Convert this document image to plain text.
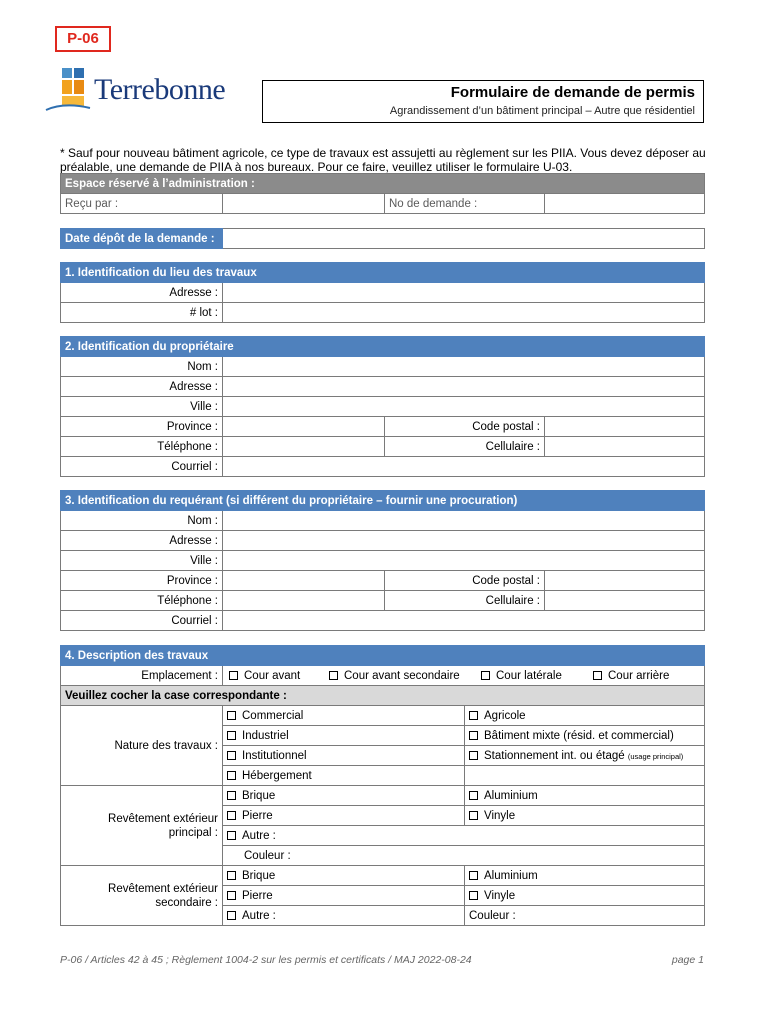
P-06
Terrebonne	Formulaire de demande de permis
Agrandissement d’un bâtiment principal – Autre que résidentiel
* Sauf pour nouveau bâtiment agricole, ce type de travaux est assujetti au règlement sur les PIIA. Vous devez déposer au préalable, une demande de PIIA à nos bureaux. Pour ce faire, veuillez utiliser le formulaire U-03.
Espace réservé à l’administration :
Reçu par :		No de demande :	
Date dépôt de la demande :	
1. Identification du lieu des travaux	
Adresse :	
# lot :	
2. Identification du propriétaire			
Nom :			
Adresse :			
Ville :			
Province :		Code postal :	
Téléphone :		Cellulaire :	
Courriel :			
3. Identification du requérant (si différent du propriétaire – fournir une procuration)			
Nom :			
Adresse :			
Ville :			
Province :		Code postal :	
Téléphone :		Cellulaire :	
Courriel :			
4. Description des travaux		
Emplacement :	Cour avant Cour avant secondaire Cour latérale Cour arrière	
Veuillez cocher la case correspondante :		
Nature des travaux :	Commercial	Agricole
	Industriel	Bâtiment mixte (résid. et commercial)
	Institutionnel	Stationnement int. ou étagé (usage principal)
	Hébergement	
Revêtement extérieur
principal :	Brique	Aluminium
	Pierre	Vinyle
	Autre :	
	Couleur :	
Revêtement extérieur
secondaire :	Brique	Aluminium
	Pierre	Vinyle
	Autre :	Couleur :
P-06 / Articles 42 à 45 ; Règlement 1004-2 sur les permis et certificats / MAJ 2022-08-24	page 1
